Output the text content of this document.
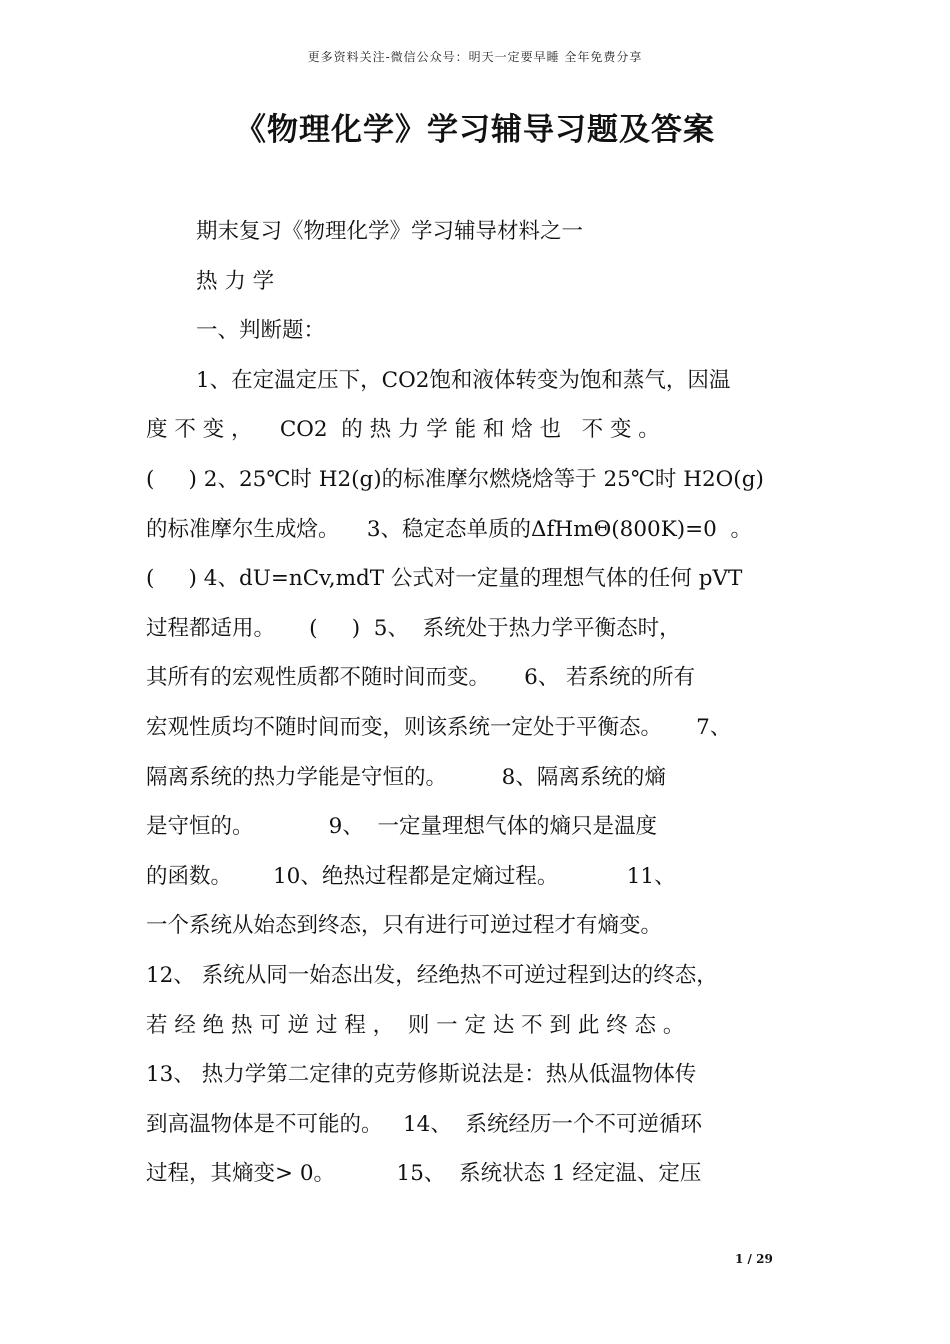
更多资料关注-微信公众号：明天一定要早睡 全年免费分享
《物理化学》学习辅导习题及答案
期末复习《物理化学》学习辅导材料之一
热 力 学
一、判断题：
1、在定温定压下，CO2饱和液体转变为饱和蒸气，因温
度 不 变 ，    CO2  的 热 力 学 能 和 焓 也   不 变 。
(     ) 2、25℃时 H2(g)的标准摩尔燃烧焓等于 25℃时 H2O(g)
的标准摩尔生成焓。    3、稳定态单质的ΔfHmΘ(800K)=0  。
(     ) 4、dU=nCv,mdT 公式对一定量的理想气体的任何 pVT
过程都适用。     (     )  5、  系统处于热力学平衡态时，
其所有的宏观性质都不随时间而变。     6、 若系统的所有
宏观性质均不随时间而变，则该系统一定处于平衡态。     7、
隔离系统的热力学能是守恒的。        8、隔离系统的熵
是守恒的。           9、  一定量理想气体的熵只是温度
的函数。      10、绝热过程都是定熵过程。          11、
一个系统从始态到终态，只有进行可逆过程才有熵变。
12、 系统从同一始态出发，经绝热不可逆过程到达的终态，
若 经 绝 热 可 逆 过 程 ，  则 一 定 达 不 到 此 终 态 。
13、 热力学第二定律的克劳修斯说法是：热从低温物体传
到高温物体是不可能的。   14、  系统经历一个不可逆循环
过程，其熵变> 0。         15、  系统状态 1 经定温、定压
1 / 29
